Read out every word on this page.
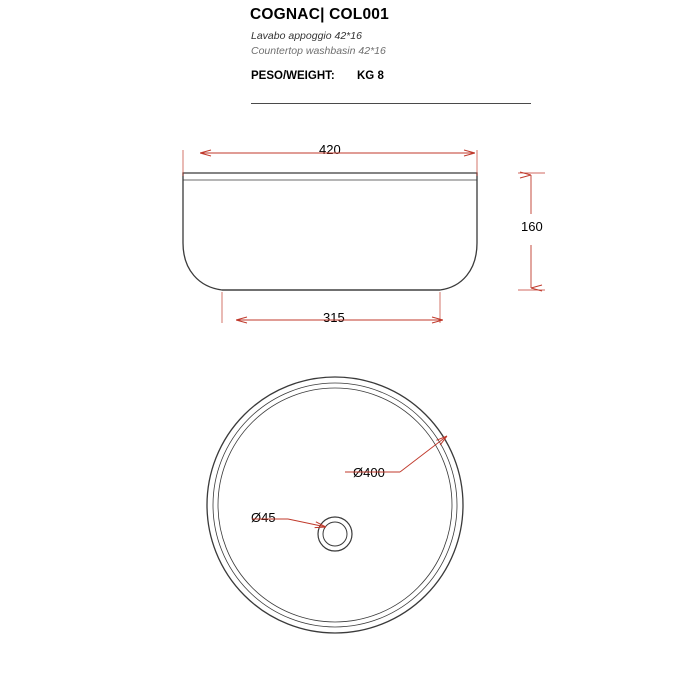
COGNAC| COL001
Lavabo appoggio 42*16
Countertop washbasin 42*16
PESO/WEIGHT: KG 8
420
315
160
Ø400
Ø45
